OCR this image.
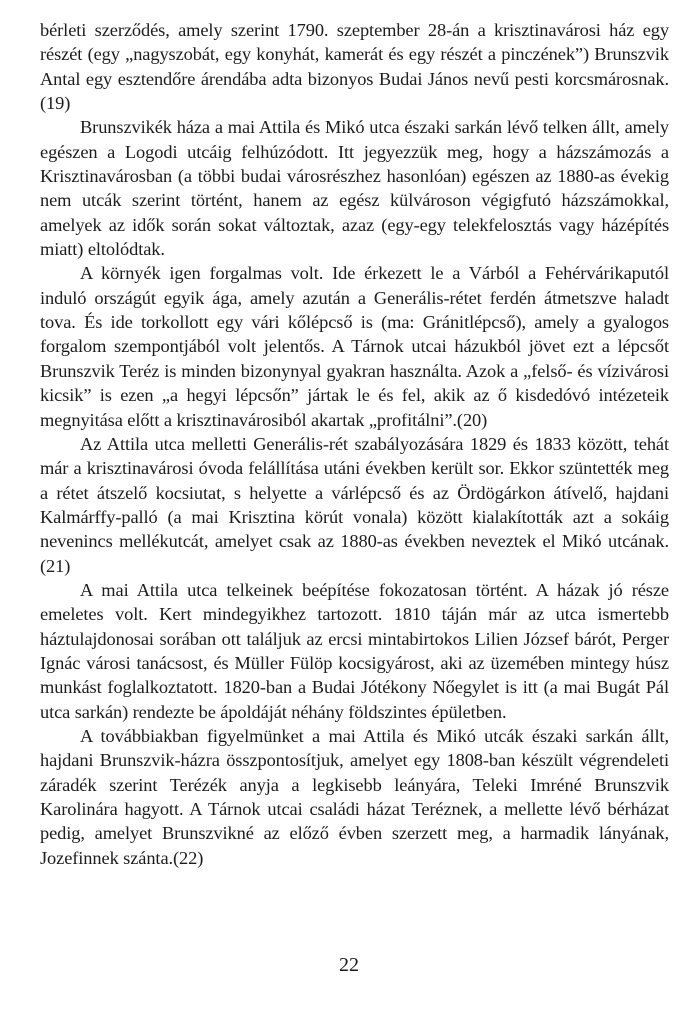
bérleti szerződés, amely szerint 1790. szeptember 28-án a krisztinavárosi ház egy részét (egy „nagyszobát, egy konyhát, kamerát és egy részét a pinczének”) Brunszvik Antal egy esztendőre árendába adta bizonyos Budai János nevű pesti korcsmárosnak.(19)

Brunszvikék háza a mai Attila és Mikó utca északi sarkán lévő telken állt, amely egészen a Logodi utcáig felhúzódott. Itt jegyezzük meg, hogy a házszámozás a Krisztinavárosban (a többi budai városrészhez hasonlóan) egészen az 1880-as évekig nem utcák szerint történt, hanem az egész külvároson végigfutó házszámokkal, amelyek az idők során sokat változtak, azaz (egy-egy telekfelosztás vagy házépítés miatt) eltolódtak.

A környék igen forgalmas volt. Ide érkezett le a Várból a Fehérvárikaputól induló országút egyik ága, amely azután a Generális-rétet ferdén átmetszve haladt tova. És ide torkollott egy vári kőlépcső is (ma: Gránitlépcső), amely a gyalogos forgalom szempontjából volt jelentős. A Tárnok utcai házukból jövet ezt a lépcsőt Brunszvik Teréz is minden bizonynyal gyakran használta. Azok a „felső- és vízivárosi kicsik” is ezen „a hegyi lépcsőn” jártak le és fel, akik az ő kisdedóvó intézeteik megnyitása előtt a krisztinavárosiból akartak „profitálni”.(20)

Az Attila utca melletti Generális-rét szabályozására 1829 és 1833 között, tehát már a krisztinavárosi óvoda felállítása utáni években került sor. Ekkor szüntették meg a rétet átszelő kocsiutat, s helyette a várlépcső és az Ördögárkon átívelő, hajdani Kalmárffy-palló (a mai Krisztina körút vonala) között kialakították azt a sokáig nevenincs mellékutcát, amelyet csak az 1880-as években neveztek el Mikó utcának.(21)

A mai Attila utca telkeinek beépítése fokozatosan történt. A házak jó része emeletes volt. Kert mindegyikhez tartozott. 1810 táján már az utca ismertebb háztulajdonosai sorában ott találjuk az ercsi mintabirtokos Lilien József bárót, Perger Ignác városi tanácsost, és Müller Fülöp kocsigyárost, aki az üzemében mintegy húsz munkást foglalkoztatott. 1820-ban a Budai Jótékony Nőegylet is itt (a mai Bugát Pál utca sarkán) rendezte be ápoldáját néhány földszintes épületben.

A továbbiakban figyelmünket a mai Attila és Mikó utcák északi sarkán állt, hajdani Brunszvik-házra összpontosítjuk, amelyet egy 1808-ban készült végrendeleti záradék szerint Terézék anyja a legkisebb leányára, Teleki Imréné Brunszvik Karolinára hagyott. A Tárnok utcai családi házat Teréznek, a mellette lévő bérházat pedig, amelyet Brunszvikné az előző évben szerzett meg, a harmadik lányának, Jozefinnek szánta.(22)

22
